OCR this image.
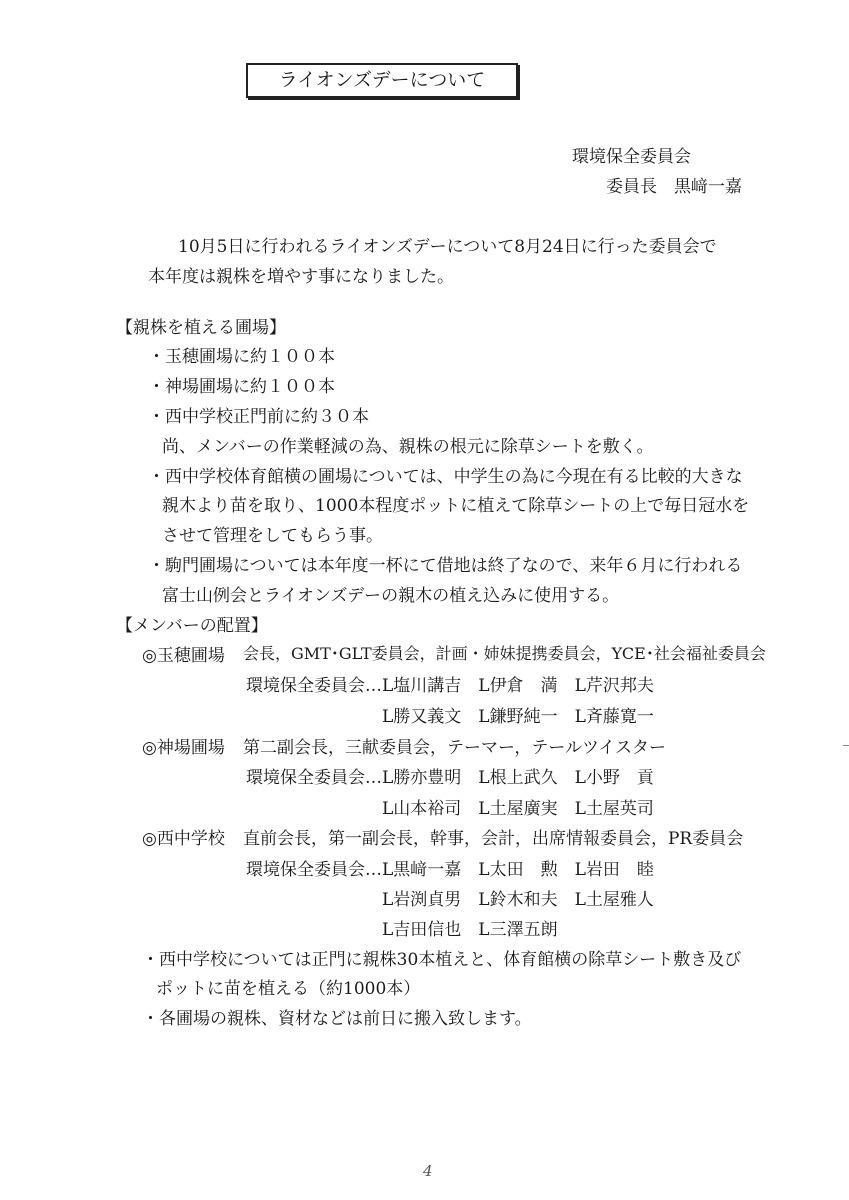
ライオンズデーについて
環境保全委員会
委員長　黒﨑一嘉
10月5日に行われるライオンズデーについて8月24日に行った委員会で
本年度は親株を増やす事になりました。
【親株を植える圃場】
・玉穂圃場に約１００本
・神場圃場に約１００本
・西中学校正門前に約３０本
尚、メンバーの作業軽減の為、親株の根元に除草シートを敷く。
・西中学校体育館横の圃場については、中学生の為に今現在有る比較的大きな
親木より苗を取り、1000本程度ポットに植えて除草シートの上で毎日冠水を
させて管理をしてもらう事。
・駒門圃場については本年度一杯にて借地は終了なので、来年６月に行われる
富士山例会とライオンズデーの親木の植え込みに使用する。
【メンバーの配置】
◎玉穂圃場 会長，GMT･GLT委員会，計画・姉妹提携委員会，YCE･社会福祉委員会
環境保全委員会…L塩川講吉　L伊倉　満　L芹沢邦夫
L勝又義文　L鎌野純一　L斉藤寛一
◎神場圃場 第二副会長，三献委員会，テーマー，テールツイスター
環境保全委員会…L勝亦豊明　L根上武久　L小野　貢
L山本裕司　L土屋廣実　L土屋英司
◎西中学校 直前会長，第一副会長，幹事，会計，出席情報委員会，PR委員会
環境保全委員会…L黒﨑一嘉　L太田　勲　L岩田　睦
L岩渕貞男　L鈴木和夫　L土屋雅人
L吉田信也　L三澤五朗
・西中学校については正門に親株30本植えと、体育館横の除草シート敷き及び
ポットに苗を植える（約1000本）
・各圃場の親株、資材などは前日に搬入致します。
4
